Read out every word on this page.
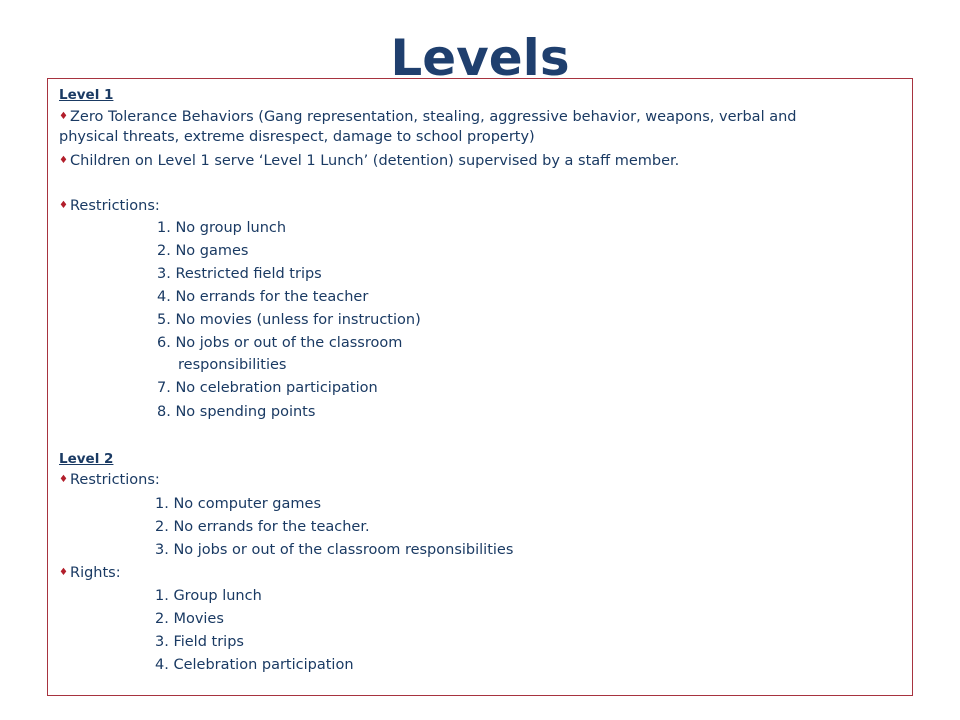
Levels
Level 1
♦ Zero Tolerance Behaviors (Gang representation, stealing, aggressive behavior, weapons, verbal and physical threats, extreme disrespect, damage to school property)
♦ Children on Level 1 serve ‘Level 1 Lunch’ (detention) supervised by a staff member.
♦ Restrictions:
1. No group lunch
2. No games
3. Restricted field trips
4. No errands for the teacher
5. No movies (unless for instruction)
6. No jobs or out of the classroom
responsibilities
7. No celebration participation
8. No spending points
Level 2
♦ Restrictions:
1. No computer games
2. No errands for the teacher.
3. No jobs or out of the classroom responsibilities
♦ Rights:
1. Group lunch
2. Movies
3. Field trips
4. Celebration participation
